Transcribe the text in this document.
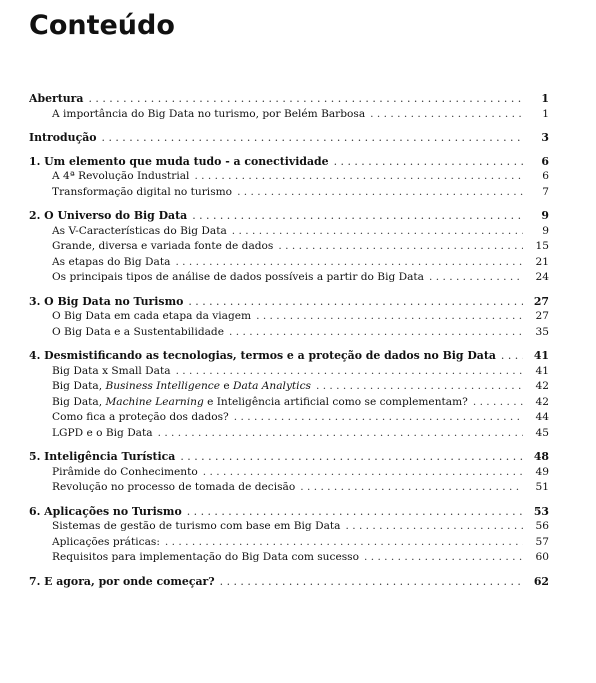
Conteúdo
Abertura . . .	1
A importância do Big Data no turismo, por Belém Barbosa . . .	1
Introdução . . .	3
1. Um elemento que muda tudo - a conectividade . . .	6
A 4ª Revolução Industrial . . .	6
Transformação digital no turismo . . .	7
2. O Universo do Big Data . . .	9
As V-Características do Big Data . . .	9
Grande, diversa e variada fonte de dados . . .	15
As etapas do Big Data . . .	21
Os principais tipos de análise de dados possíveis a partir do Big Data . . .	24
3. O Big Data no Turismo . . .	27
O Big Data em cada etapa da viagem . . .	27
O Big Data e a Sustentabilidade . . .	35
4. Desmistificando as tecnologias, termos e a proteção de dados no Big Data . . .	41
Big Data x Small Data . . .	41
Big Data, Business Intelligence e Data Analytics . . .	42
Big Data, Machine Learning e Inteligência artificial como se complementam? . . .	42
Como fica a proteção dos dados? . . .	44
LGPD e o Big Data . . .	45
5. Inteligência Turística . . .	48
Pirâmide do Conhecimento . . .	49
Revolução no processo de tomada de decisão . . .	51
6. Aplicações no Turismo . . .	53
Sistemas de gestão de turismo com base em Big Data . . .	56
Aplicações práticas: . . .	57
Requisitos para implementação do Big Data com sucesso . . .	60
7. E agora, por onde começar? . . .	62
